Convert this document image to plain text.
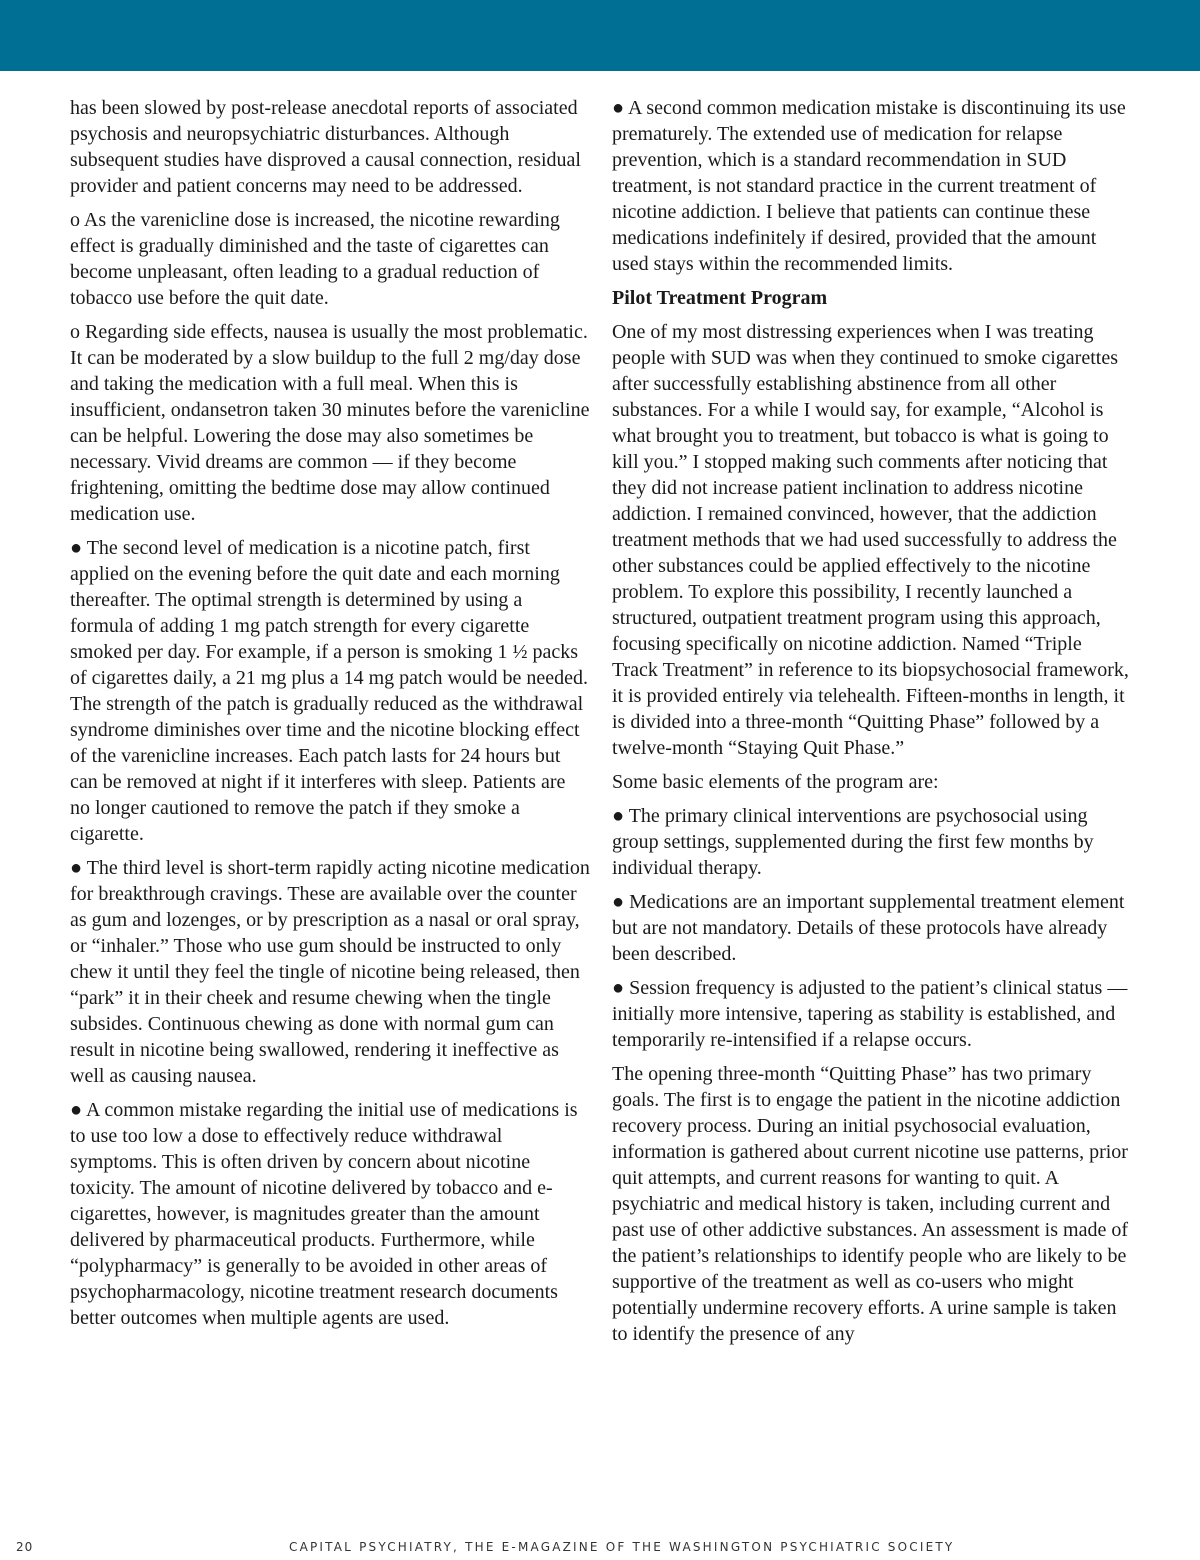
has been slowed by post-release anecdotal reports of associated psychosis and neuropsychiatric disturbances. Although subsequent studies have disproved a causal connection, residual provider and patient concerns may need to be addressed.

o As the varenicline dose is increased, the nicotine rewarding effect is gradually diminished and the taste of cigarettes can become unpleasant, often leading to a gradual reduction of tobacco use before the quit date.

o Regarding side effects, nausea is usually the most problematic. It can be moderated by a slow buildup to the full 2 mg/day dose and taking the medication with a full meal. When this is insufficient, ondansetron taken 30 minutes before the varenicline can be helpful. Lowering the dose may also sometimes be necessary. Vivid dreams are common — if they become frightening, omitting the bedtime dose may allow continued medication use.

● The second level of medication is a nicotine patch, first applied on the evening before the quit date and each morning thereafter. The optimal strength is determined by using a formula of adding 1 mg patch strength for every cigarette smoked per day. For example, if a person is smoking 1 ½ packs of cigarettes daily, a 21 mg plus a 14 mg patch would be needed. The strength of the patch is gradually reduced as the withdrawal syndrome diminishes over time and the nicotine blocking effect of the varenicline increases. Each patch lasts for 24 hours but can be removed at night if it interferes with sleep. Patients are no longer cautioned to remove the patch if they smoke a cigarette.

● The third level is short-term rapidly acting nicotine medication for breakthrough cravings. These are available over the counter as gum and lozenges, or by prescription as a nasal or oral spray, or “inhaler.” Those who use gum should be instructed to only chew it until they feel the tingle of nicotine being released, then “park” it in their cheek and resume chewing when the tingle subsides. Continuous chewing as done with normal gum can result in nicotine being swallowed, rendering it ineffective as well as causing nausea.

● A common mistake regarding the initial use of medications is to use too low a dose to effectively reduce withdrawal symptoms. This is often driven by concern about nicotine toxicity. The amount of nicotine delivered by tobacco and e-cigarettes, however, is magnitudes greater than the amount delivered by pharmaceutical products. Furthermore, while “polypharmacy” is generally to be avoided in other areas of psychopharmacology, nicotine treatment research documents better outcomes when multiple agents are used.

● A second common medication mistake is discontinuing its use prematurely. The extended use of medication for relapse prevention, which is a standard recommendation in SUD treatment, is not standard practice in the current treatment of nicotine addiction. I believe that patients can continue these medications indefinitely if desired, provided that the amount used stays within the recommended limits.

Pilot Treatment Program

One of my most distressing experiences when I was treating people with SUD was when they continued to smoke cigarettes after successfully establishing abstinence from all other substances. For a while I would say, for example, “Alcohol is what brought you to treatment, but tobacco is what is going to kill you.” I stopped making such comments after noticing that they did not increase patient inclination to address nicotine addiction. I remained convinced, however, that the addiction treatment methods that we had used successfully to address the other substances could be applied effectively to the nicotine problem. To explore this possibility, I recently launched a structured, outpatient treatment program using this approach, focusing specifically on nicotine addiction. Named “Triple Track Treatment” in reference to its biopsychosocial framework, it is provided entirely via telehealth. Fifteen-months in length, it is divided into a three-month “Quitting Phase” followed by a twelve-month “Staying Quit Phase.”

Some basic elements of the program are:

● The primary clinical interventions are psychosocial using group settings, supplemented during the first few months by individual therapy.

● Medications are an important supplemental treatment element but are not mandatory. Details of these protocols have already been described.

● Session frequency is adjusted to the patient’s clinical status — initially more intensive, tapering as stability is established, and temporarily re-intensified if a relapse occurs.

The opening three-month “Quitting Phase” has two primary goals. The first is to engage the patient in the nicotine addiction recovery process. During an initial psychosocial evaluation, information is gathered about current nicotine use patterns, prior quit attempts, and current reasons for wanting to quit. A psychiatric and medical history is taken, including current and past use of other addictive substances. An assessment is made of the patient’s relationships to identify people who are likely to be supportive of the treatment as well as co-users who might potentially undermine recovery efforts. A urine sample is taken to identify the presence of any

20	CAPITAL PSYCHIATRY, THE E-MAGAZINE OF THE WASHINGTON PSYCHIATRIC SOCIETY
